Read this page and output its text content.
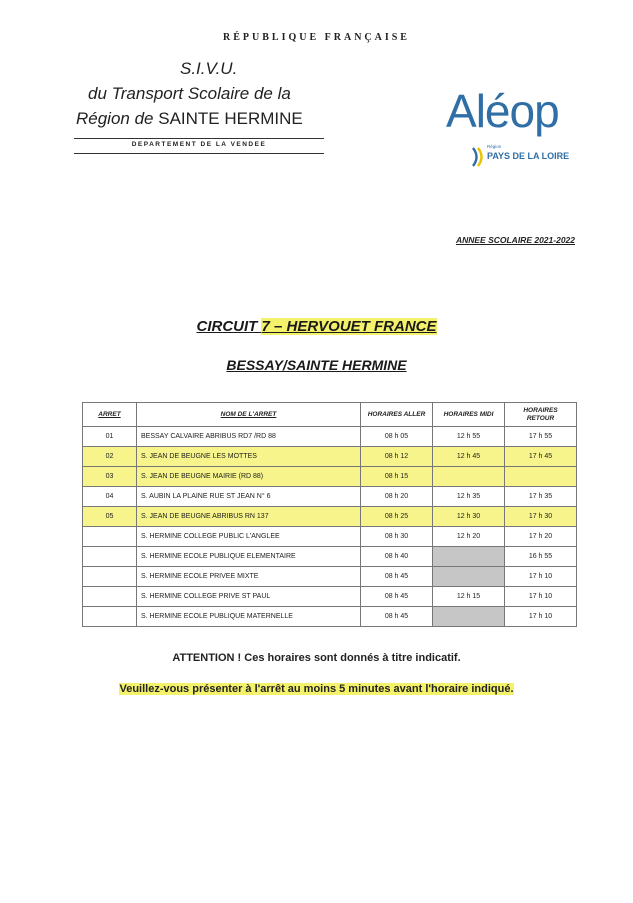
RÉPUBLIQUE FRANÇAISE
S.I.V.U.
du Transport Scolaire de la
Région de SAINTE HERMINE
DEPARTEMENT DE LA VENDEE
Aléop
Région
PAYS DE LA LOIRE
ANNEE SCOLAIRE 2021-2022
CIRCUIT 7 – HERVOUET FRANCE
BESSAY/SAINTE HERMINE
ARRET	NOM DE L'ARRET	HORAIRES ALLER	HORAIRES MIDI	HORAIRES RETOUR
01	BESSAY CALVAIRE ABRIBUS RD7 /RD 88	08 h 05	12 h 55	17 h 55
02	S. JEAN DE BEUGNE LES MOTTES	08 h 12	12 h 45	17 h 45
03	S. JEAN DE BEUGNE MAIRIE (RD 88)	08 h 15		
04	S. AUBIN LA PLAINE RUE ST JEAN N° 6	08 h 20	12 h 35	17 h 35
05	S. JEAN DE BEUGNE ABRIBUS RN 137	08 h 25	12 h 30	17 h 30
	S. HERMINE COLLEGE PUBLIC L'ANGLEE	08 h 30	12 h 20	17 h 20
	S. HERMINE ECOLE PUBLIQUE ELEMENTAIRE	08 h 40		16 h 55
	S. HERMINE ECOLE PRIVEE MIXTE	08 h 45		17 h 10
	S. HERMINE COLLEGE PRIVE ST PAUL	08 h 45	12 h 15	17 h 10
	S. HERMINE ECOLE PUBLIQUE MATERNELLE	08 h 45		17 h 10
ATTENTION ! Ces horaires sont donnés à titre indicatif.
Veuillez-vous présenter à l'arrêt au moins 5 minutes avant l'horaire indiqué.
